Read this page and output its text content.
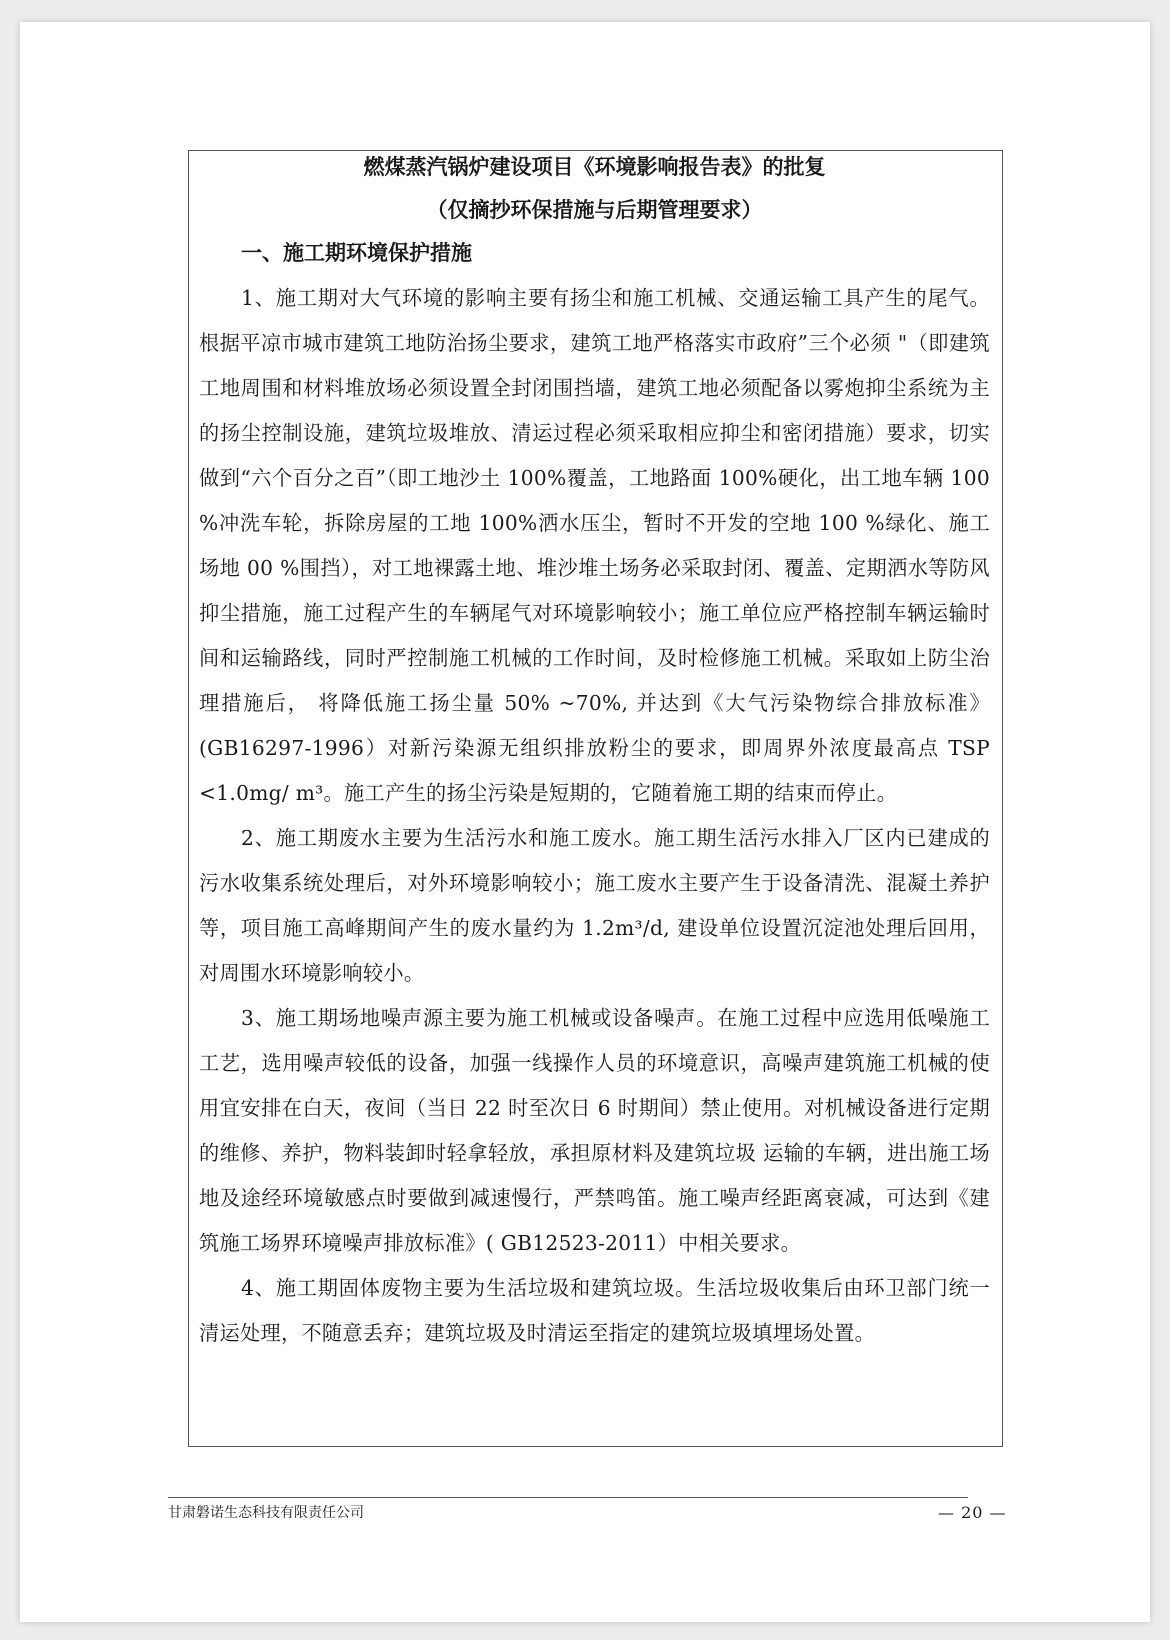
燃煤蒸汽锅炉建设项目《环境影响报告表》的批复

（仅摘抄环保措施与后期管理要求）

一、施工期环境保护措施

1、施工期对大气环境的影响主要有扬尘和施工机械、交通运输工具产生的尾气。根据平凉市城市建筑工地防治扬尘要求，建筑工地严格落实市政府”三个必须 "（即建筑工地周围和材料堆放场必须设置全封闭围挡墙，建筑工地必须配备以雾炮抑尘系统为主的扬尘控制设施，建筑垃圾堆放、清运过程必须采取相应抑尘和密闭措施）要求，切实做到“六个百分之百”（即工地沙土 100%覆盖，工地路面 100%硬化，出工地车辆 100 %冲洗车轮，拆除房屋的工地 100%洒水压尘，暂时不开发的空地 100 %绿化、施工场地 00 %围挡），对工地裸露土地、堆沙堆土场务必采取封闭、覆盖、定期洒水等防风抑尘措施，施工过程产生的车辆尾气对环境影响较小；施工单位应严格控制车辆运输时间和运输路线，同时严控制施工机械的工作时间，及时检修施工机械。采取如上防尘治理措施后， 将降低施工扬尘量 50% ~70%, 并达到《大气污染物综合排放标准》(GB16297-1996）对新污染源无组织排放粉尘的要求，即周界外浓度最高点 TSP <1.0mg/ m³。施工产生的扬尘污染是短期的，它随着施工期的结束而停止。

2、施工期废水主要为生活污水和施工废水。施工期生活污水排入厂区内已建成的污水收集系统处理后，对外环境影响较小；施工废水主要产生于设备清洗、混凝土养护等，项目施工高峰期间产生的废水量约为 1.2m³/d, 建设单位设置沉淀池处理后回用，对周围水环境影响较小。

3、施工期场地噪声源主要为施工机械或设备噪声。在施工过程中应选用低噪施工工艺，选用噪声较低的设备，加强一线操作人员的环境意识，高噪声建筑施工机械的使用宜安排在白天，夜间（当日 22 时至次日 6 时期间）禁止使用。对机械设备进行定期的维修、养护，物料装卸时轻拿轻放，承担原材料及建筑垃圾 运输的车辆，进出施工场地及途经环境敏感点时要做到减速慢行，严禁鸣笛。施工噪声经距离衰减，可达到《建筑施工场界环境噪声排放标准》( GB12523-2011）中相关要求。

4、施工期固体废物主要为生活垃圾和建筑垃圾。生活垃圾收集后由环卫部门统一清运处理，不随意丢弃；建筑垃圾及时清运至指定的建筑垃圾填埋场处置。

甘肃磐诺生态科技有限责任公司	— 20 —
